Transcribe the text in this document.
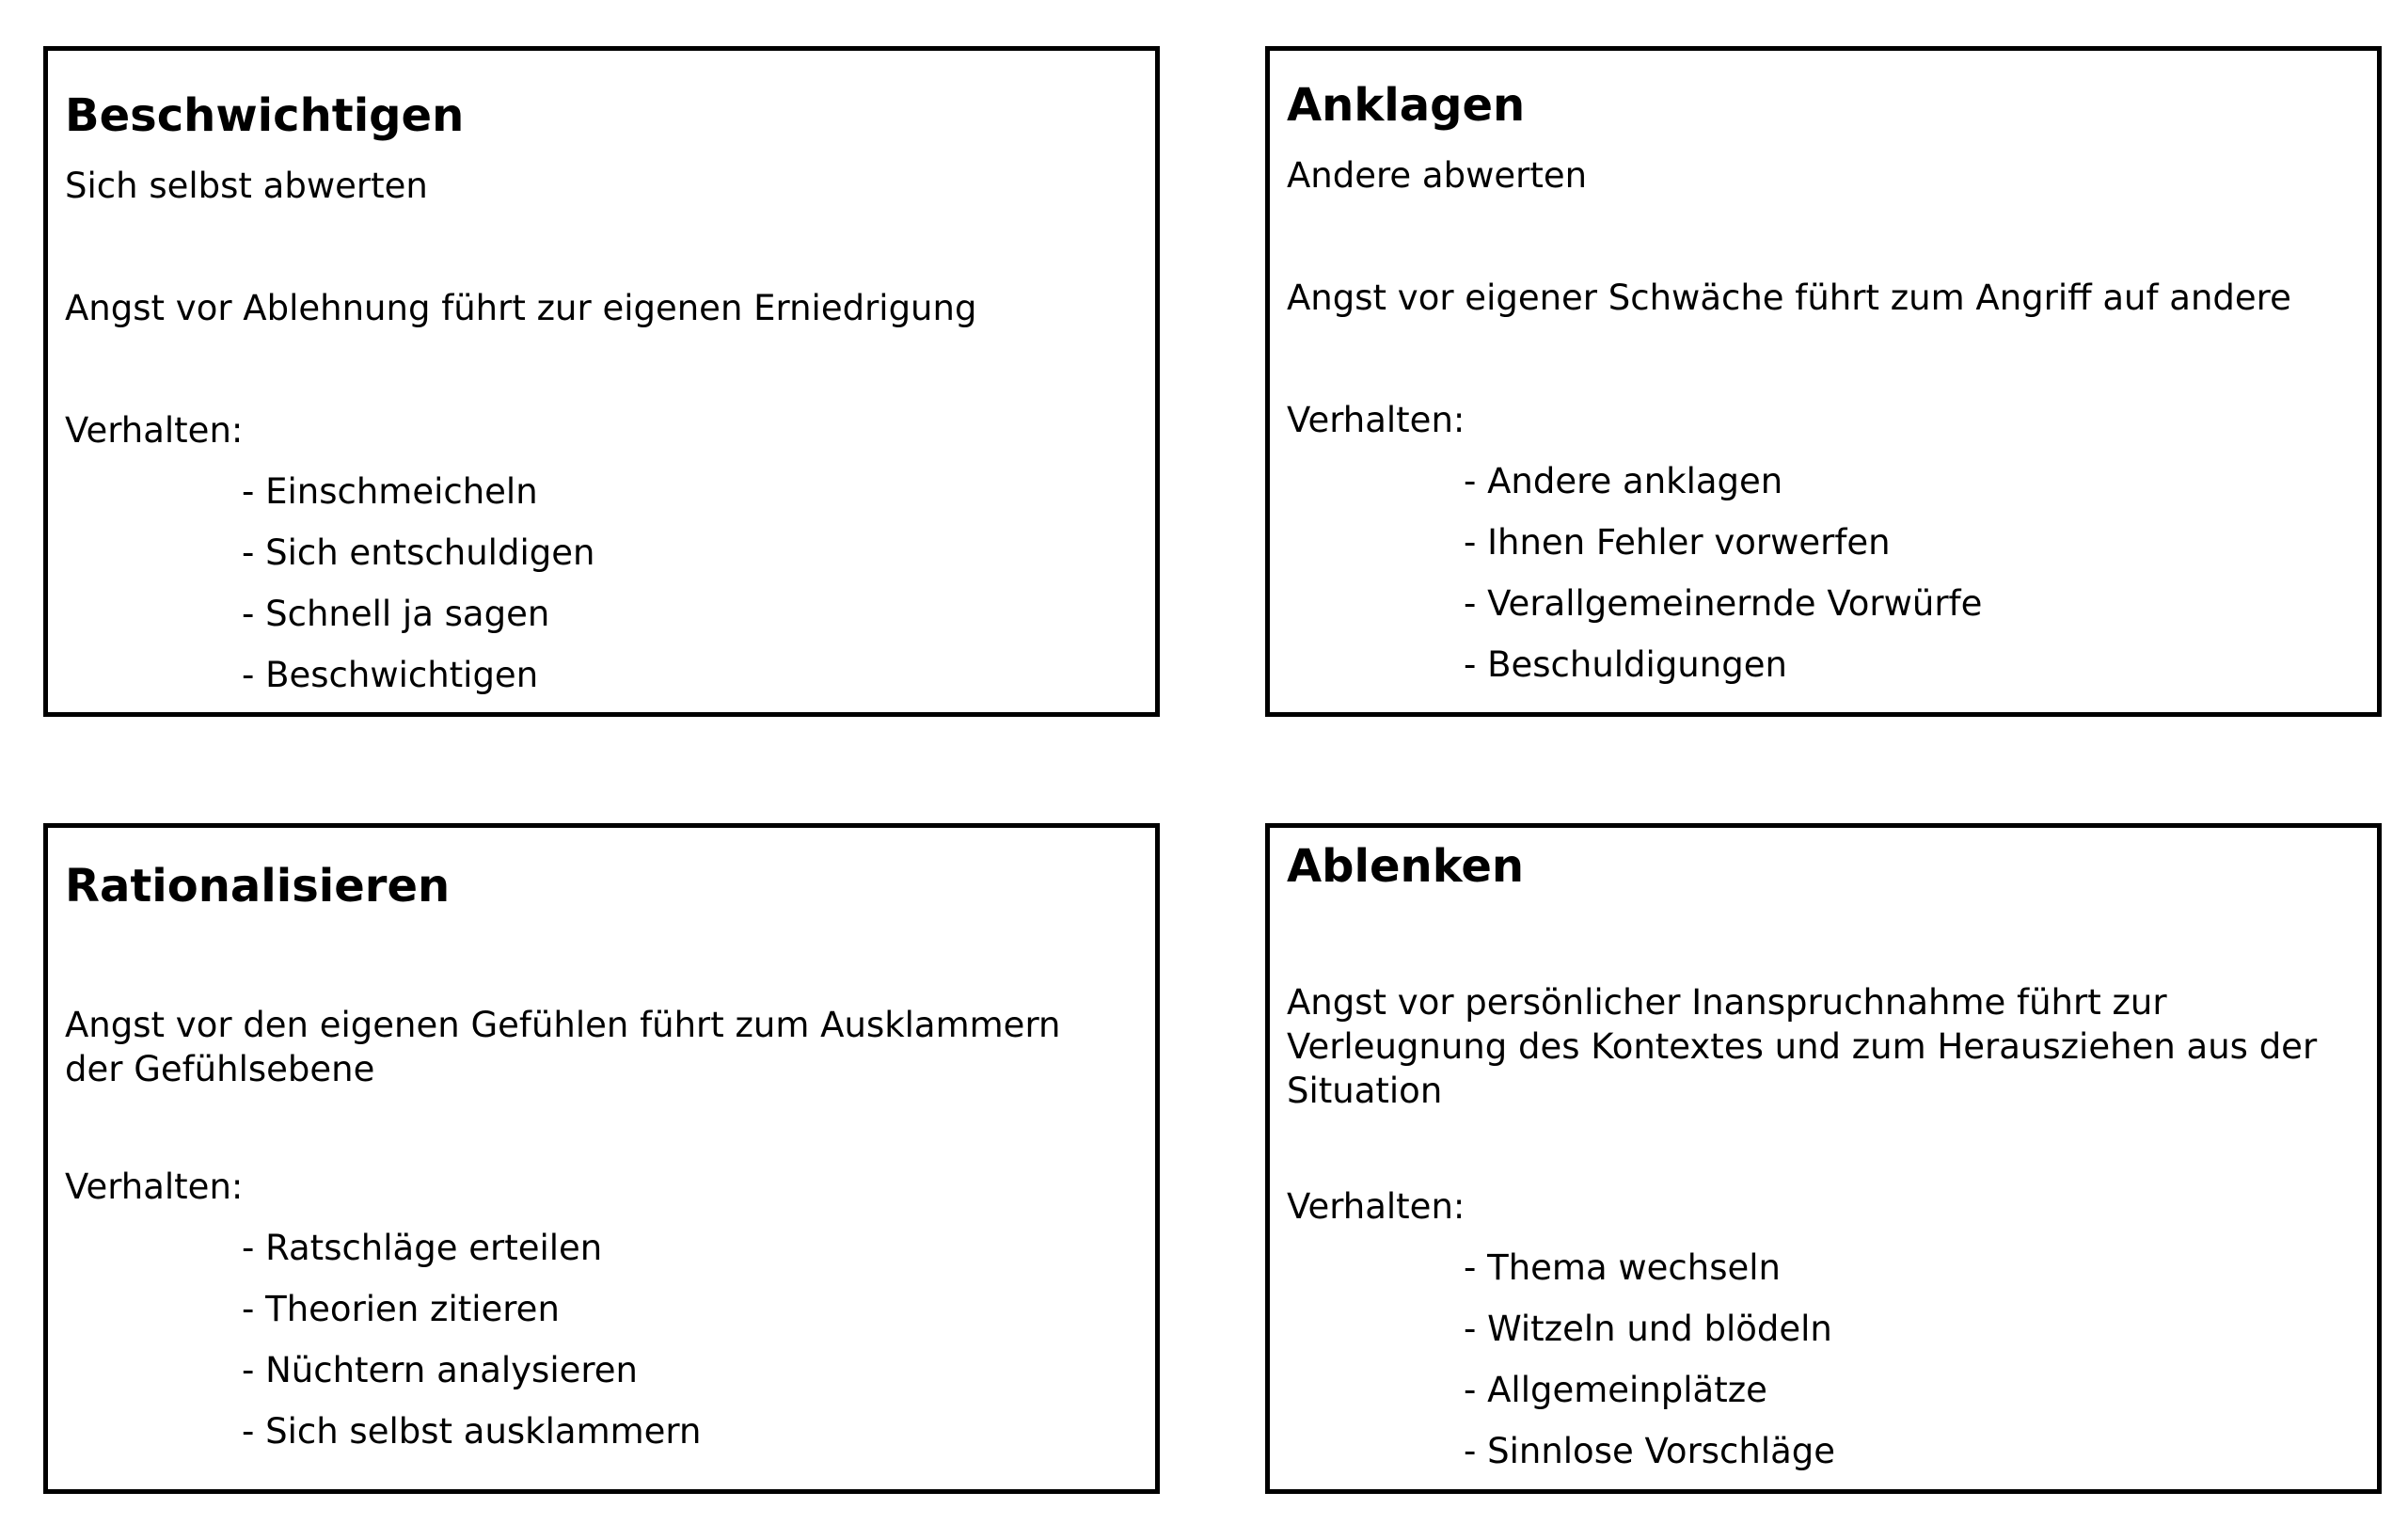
Beschwichtigen
Sich selbst abwerten
Angst vor Ablehnung führt zur eigenen Erniedrigung
Verhalten:
- Einschmeicheln
- Sich entschuldigen
- Schnell ja sagen
- Beschwichtigen
Anklagen
Andere abwerten
Angst vor eigener Schwäche führt zum Angriff auf andere
Verhalten:
- Andere anklagen
- Ihnen Fehler vorwerfen
- Verallgemeinernde Vorwürfe
- Beschuldigungen
Rationalisieren
Angst vor den eigenen Gefühlen führt zum Ausklammern der Gefühlsebene
Verhalten:
- Ratschläge erteilen
- Theorien zitieren
- Nüchtern analysieren
- Sich selbst ausklammern
Ablenken
Angst vor persönlicher Inanspruchnahme führt zur Verleugnung des Kontextes und zum Herausziehen aus der Situation
Verhalten:
- Thema wechseln
- Witzeln und blödeln
- Allgemeinplätze
- Sinnlose Vorschläge
